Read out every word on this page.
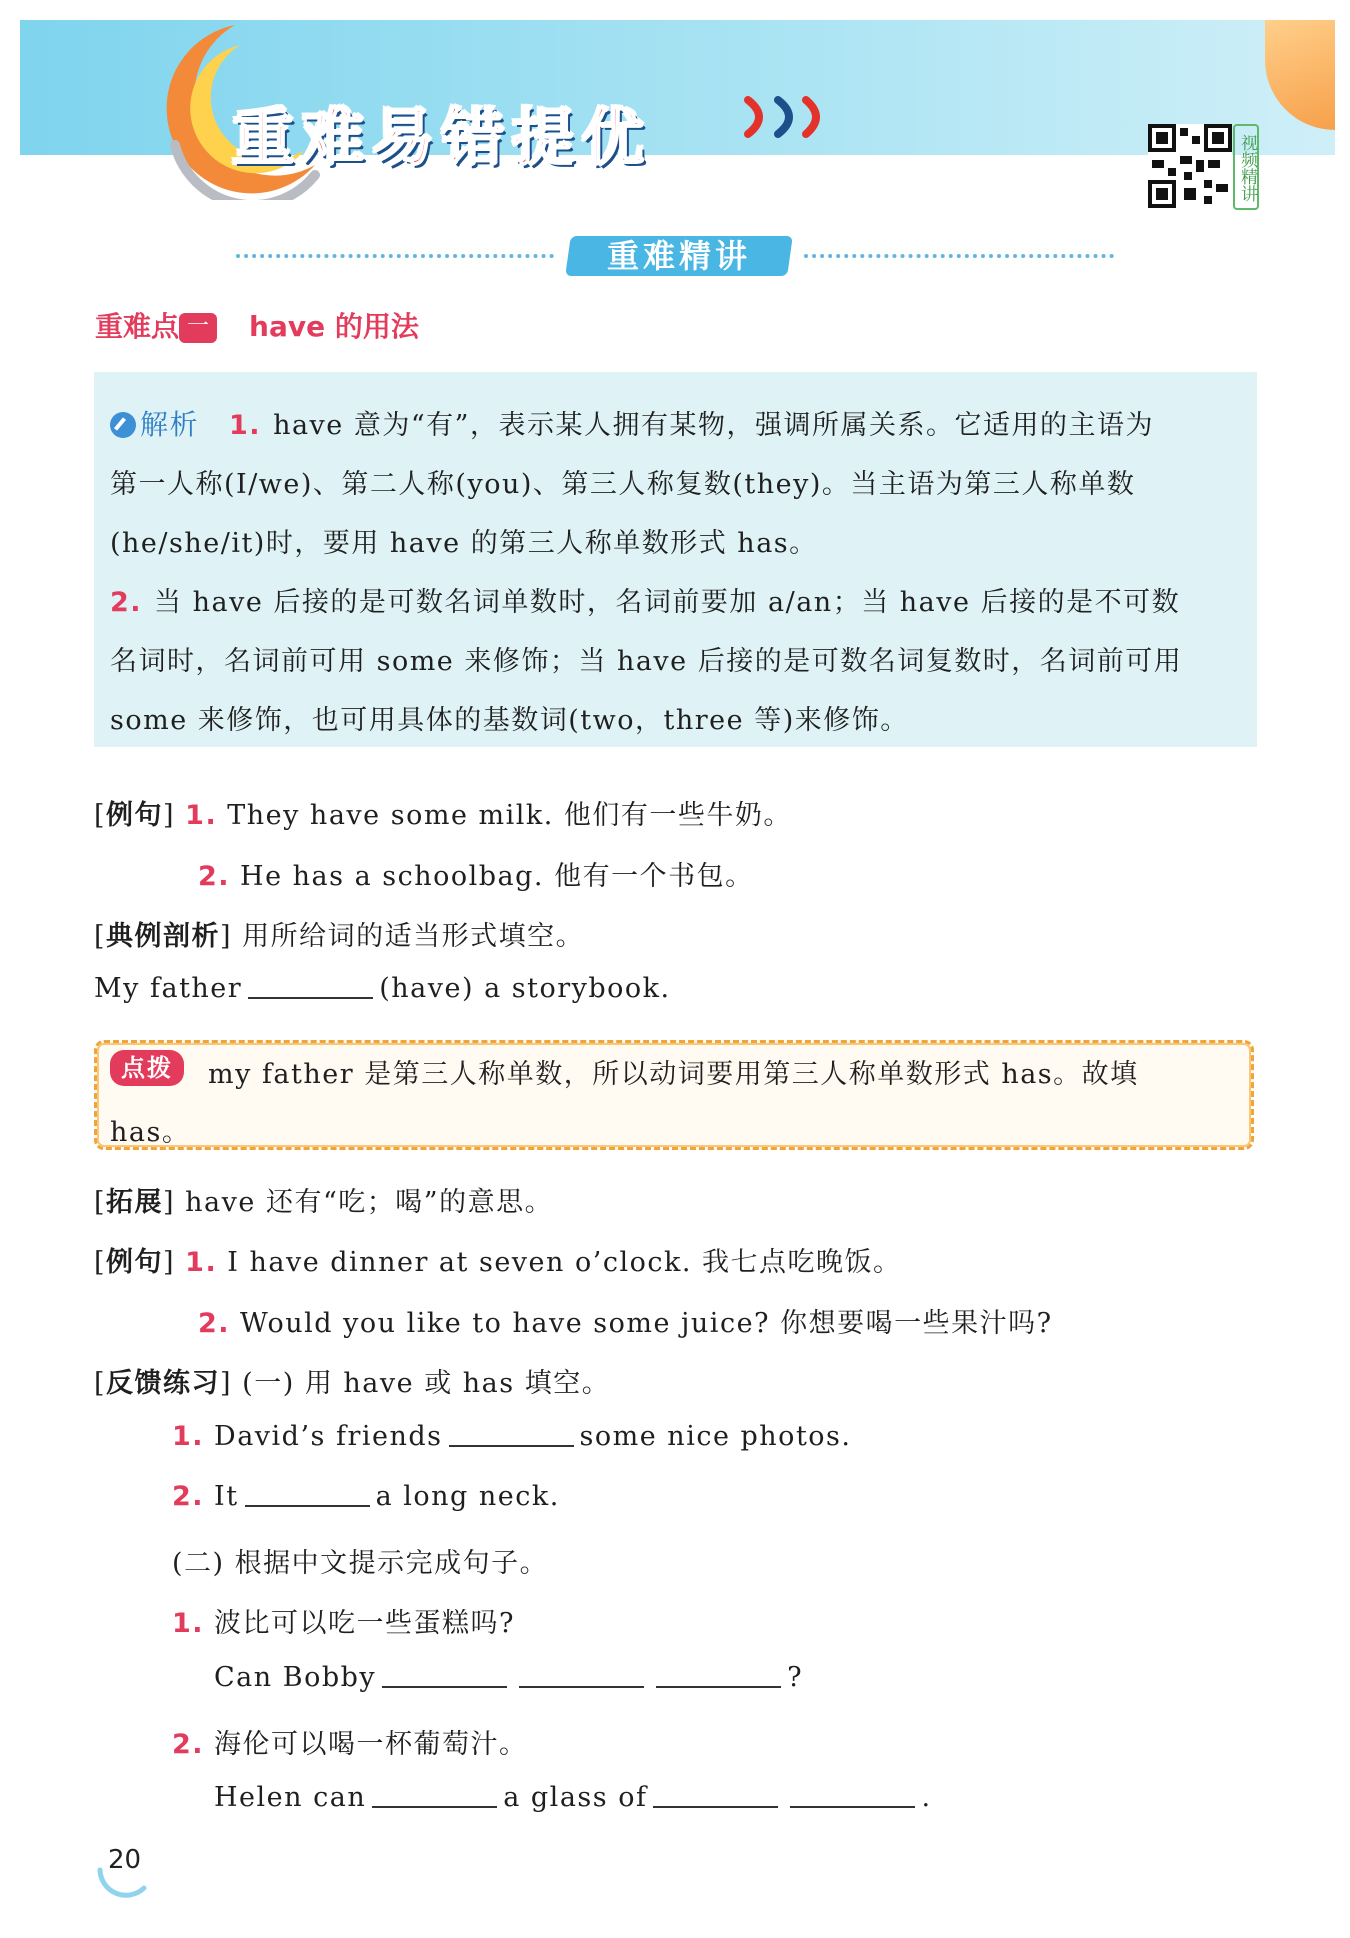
重难易错提优	视频精讲
重难精讲
重难点 一 have 的用法
解析 1. have 意为“有”，表示某人拥有某物，强调所属关系。它适用的主语为
第一人称(I/we)、第二人称(you)、第三人称复数(they)。当主语为第三人称单数
(he/she/it)时，要用 have 的第三人称单数形式 has。
2. 当 have 后接的是可数名词单数时，名词前要加 a/an；当 have 后接的是不可数
名词时，名词前可用 some 来修饰；当 have 后接的是可数名词复数时，名词前可用
some 来修饰，也可用具体的基数词(two，three 等)来修饰。
[例句] 1. They have some milk. 他们有一些牛奶。
2. He has a schoolbag. 他有一个书包。
[典例剖析] 用所给词的适当形式填空。
My father	(have) a storybook.
点拨	my father 是第三人称单数，所以动词要用第三人称单数形式 has。故填
has。
[拓展] have 还有“吃；喝”的意思。
[例句] 1. I have dinner at seven o’clock. 我七点吃晚饭。
2. Would you like to have some juice? 你想要喝一些果汁吗?
[反馈练习] (一) 用 have 或 has 填空。
1. David’s friends	some nice photos.
2. It	a long neck.
(二) 根据中文提示完成句子。
1. 波比可以吃一些蛋糕吗?
Can Bobby	?
2. 海伦可以喝一杯葡萄汁。
Helen can	a glass of	.
20
